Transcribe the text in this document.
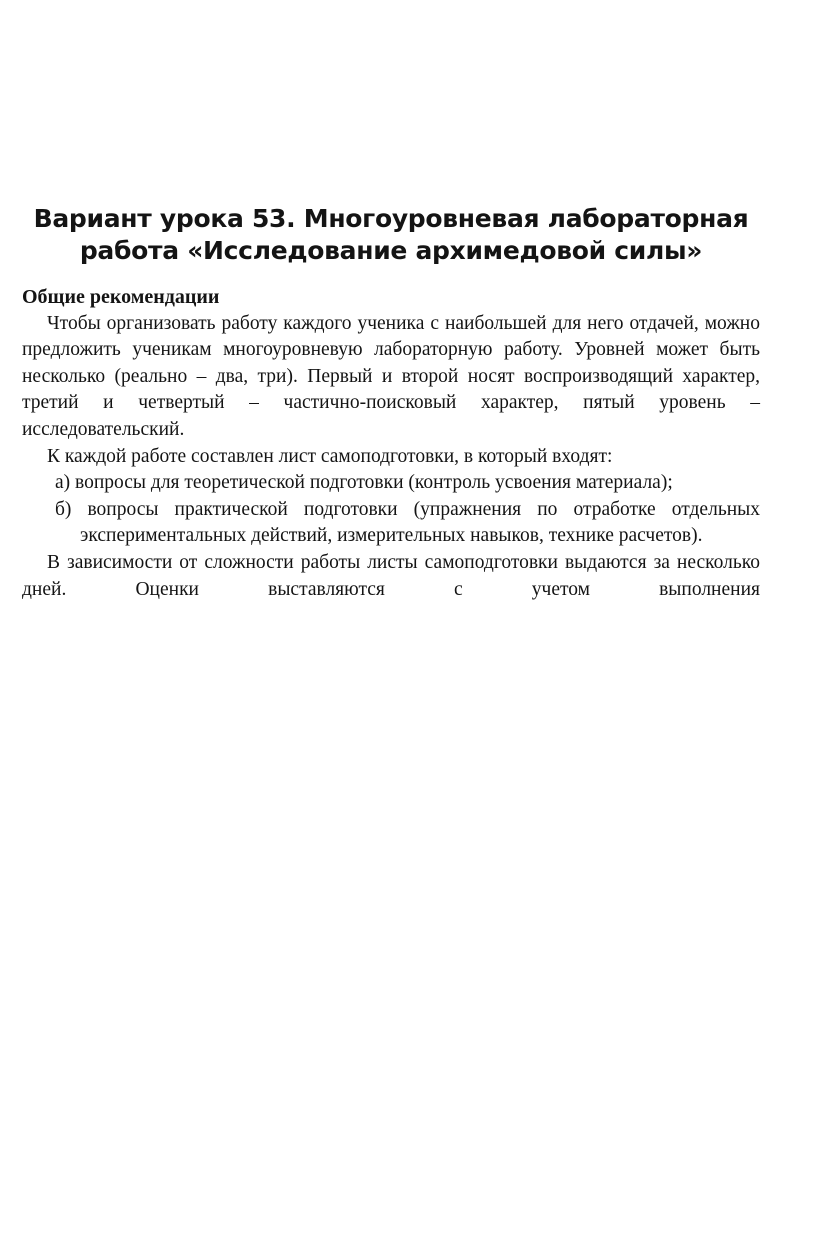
Вариант урока 53. Многоуровневая лабораторная
работа «Исследование архимедовой силы»
Общие рекомендации

Чтобы организовать работу каждого ученика с наибольшей для него отдачей, можно предложить ученикам многоуровневую лабораторную работу. Уровней может быть несколько (реально – два, три). Первый и второй носят воспроизводящий характер, третий и четвертый – частично-поисковый характер, пятый уровень – исследовательский.

К каждой работе составлен лист самоподготовки, в который входят:

а) вопросы для теоретической подготовки (контроль усвоения материала);
б) вопросы практической подготовки (упражнения по отработке отдельных экспериментальных действий, измерительных навыков, технике расчетов).

В зависимости от сложности работы листы самоподготовки выдаются за несколько дней. Оценки выставляются с учетом выполнения
